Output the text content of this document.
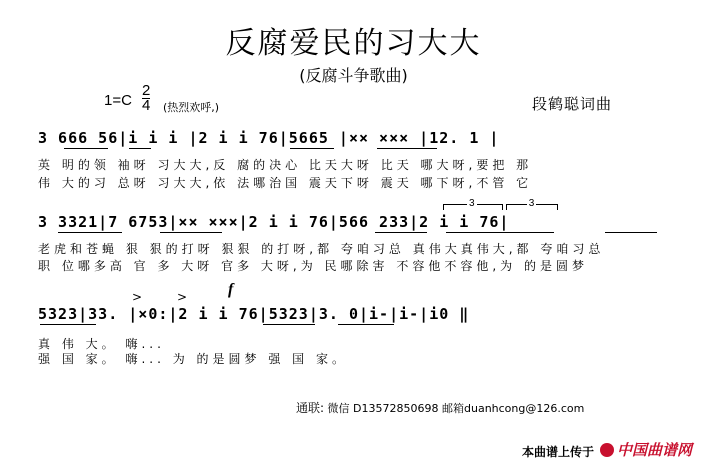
反腐爱民的习大大
(反腐斗争歌曲)
$1=C \frac{2}{4}$ (热烈欢呼,)	段鹤聪词曲
3 666 56|i i i |2 i i 76|5665 |×× ××× |12. 1 |
英 明的领 袖呀 习大大,反 腐的决心 比天大呀 比天 哪大呀,要把 那
伟 大的习 总呀 习大大,依 法哪治国 震天下呀 震天 哪下呀,不管 它
3	3
3 3321|7 6753|×× ×××|2 i i 76|566 233|2 i i 76|
老虎和苍蝇 狠 狠的打呀 狠狠 的打呀,都 夸咱习总 真伟大真伟大,都 夸咱习总
职 位哪多高 官 多 大呀 官多 大呀,为 民哪除害 不容他不容他,为 的是圆梦
>	>	f
5323|33. |×0:|2 i i 76|5323|3. 0|i-|i-|i0 ‖
真 伟 大。 嗨...
强 国 家。 嗨... 为 的是圆梦 强 国 家。
通联: 微信 D13572850698 邮箱duanhcong@126.com
本曲谱上传于 中国曲谱网
